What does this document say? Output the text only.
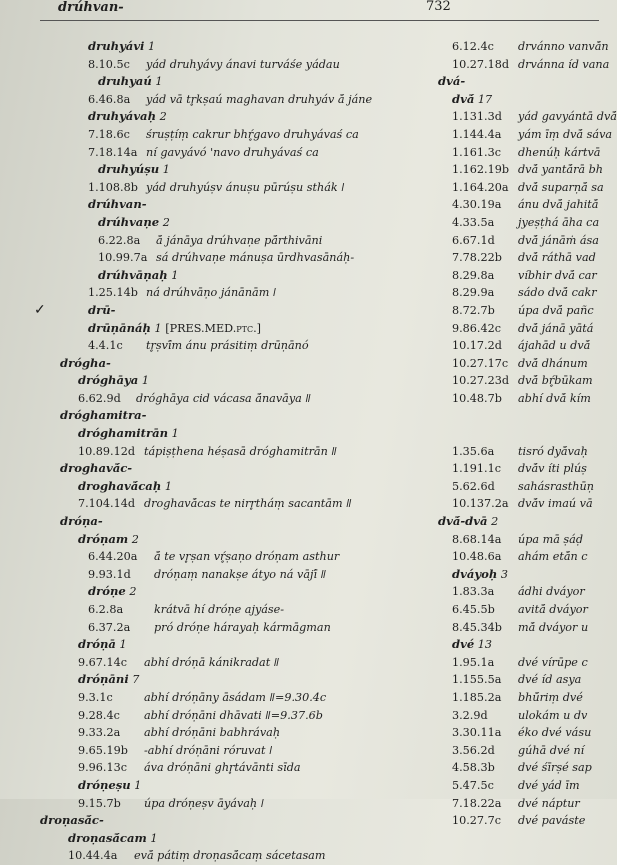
drúhvan-	732
druhyávi 1
8.10.5c yád druhyávy ánavi turváśe yádau
druhyaú 1
6.46.8a yád vā tr̥kṣaú maghavan druhyáv ā́ jáne
druhyávaḥ 2
7.18.6c śruṣṭíṃ cakrur bhŕ̥gavo druhyávaś ca
7.18.14a ní gavyávó 'navo druhyávaś ca
druhyúṣu 1
1.108.8b yád druhyúṣv ánuṣu pūrúṣu sthák ǀ
drúhvan-
drúhvaṇe 2
6.22.8a ā́ jánāya drúhvaṇe pā́rthivāni
10.99.7a sá drúhvaṇe mánuṣa ūrdhvasānáḥ-
drúhvāṇaḥ 1
1.25.14b ná drúhvāṇo jánānām ǀ
✓	drū-
drūṇānáḥ 1 [PRES.MED.ptc.]
4.4.1c tr̥ṣvī́m ánu prásitiṃ drūṇānó
drógha-
dróghāya 1
6.62.9d dróghāya cid vácasa ā́navāya ǁ
dróghamitra-
dróghamitrān 1
10.89.12d tápiṣṭhena héṣasā dróghamitrān ǁ
droghavā́c-
droghavā́caḥ 1
7.104.14d droghavā́cas te nirr̥tháṃ sacantām ǁ
dróṇa-
dróṇam 2
6.44.20a ā́ te vr̥ṣan vŕ̥ṣaṇo dróṇam asthur
9.93.1d dróṇaṃ nanakṣe átyo ná vājī́ ǁ
dróṇe 2
6.2.8a	krátvā hí dróṇe ajyáse-
6.37.2a pró dróṇe hárayaḥ kármāgman
dróṇā 1
9.67.14c abhí dróṇā kánikradat ǁ
dróṇāni 7
9.3.1c	abhí dróṇāny āsádam ǁ=9.30.4c
9.28.4c abhí dróṇāni dhāvati ǁ=9.37.6b
9.33.2a abhí dróṇāni babhrávaḥ
9.65.19b -abhí dróṇāni róruvat ǀ
9.96.13c áva dróṇāni ghr̥távānti sīda
dróṇeṣu 1
9.15.7b úpa dróṇeṣv āyávaḥ ǀ
droṇasā́c-
droṇasā́cam 1
10.44.4a evā́ pátiṃ droṇasā́caṃ sácetasam
6.12.4c drvánno vanvā́n
10.27.18d drvánna íd vana
dvá-
dvā́ 17
1.131.3d yád gavyántā dvā́
1.144.4a yám īṃ dvā́ sáva
1.161.3c dhenúḥ kártvā
1.162.19b dvā́ yantā́rā bh
1.164.20a dvā́ suparṇā́ sa
4.30.19a ánu dvā́ jahitā́
4.33.5a jyeṣṭhá āha ca
6.67.1d dvā́ jánāṁ ása
7.78.22b dvā́ ráthā vad
8.29.8a víbhir dvā́ car
8.29.9a sádo dvā́ cakr
8.72.7b úpa dvā́ pañc
9.86.42c dvā́ jánā yātá
10.17.2d ájahād u dvā́
10.27.17c dvā́ dhánum
10.27.23d dvā́ bŕ̥būkam
10.48.7b abhí dvā́ kím
1.35.6a tisró dyā́vaḥ
1.191.1c dvā́v íti plúṣ
5.62.6d sahásrasthūṇ
10.137.2a dvā́v imaú vā
dvā́-dvā 2
8.68.14a úpa mā ṣáḍ
10.48.6a ahám etā́n c
dváyoḥ 3
1.83.3a ádhi dváyor
6.45.5b avitā́ dváyor
8.45.34b mā́ dváyor u
dvé 13
1.95.1a dvé vírūpe c
1.155.5a dvé íd asya
1.185.2a bhū́riṃ dvé
3.2.9d	ulokám u dv
3.30.11a éko dvé vásu
3.56.2d gúhā dvé ní
4.58.3b dvé śīrṣé sap
5.47.5c dvé yád īm
7.18.22a dvé náptur
10.27.7c dvé paváste
